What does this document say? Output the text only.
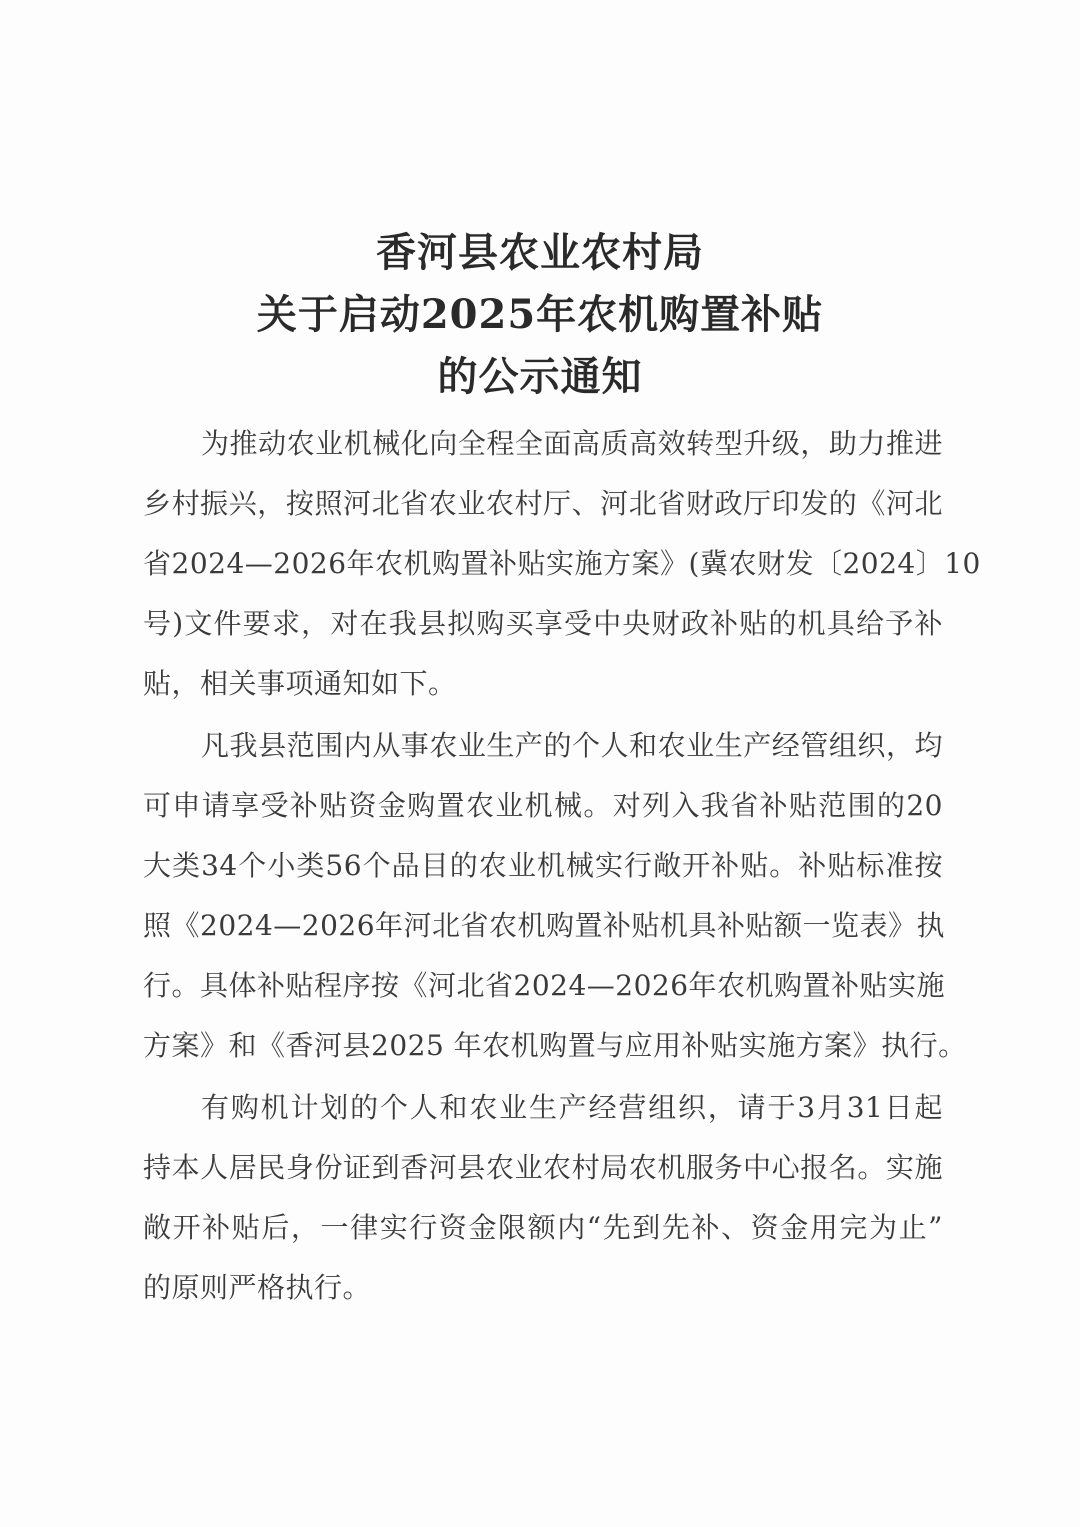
香河县农业农村局
关于启动2025年农机购置补贴
的公示通知
为推动农业机械化向全程全面高质高效转型升级，助力推进
乡村振兴，按照河北省农业农村厅、河北省财政厅印发的《河北
省2024—2026年农机购置补贴实施方案》(冀农财发〔2024〕10
号)文件要求，对在我县拟购买享受中央财政补贴的机具给予补
贴，相关事项通知如下。
凡我县范围内从事农业生产的个人和农业生产经管组织，均
可申请享受补贴资金购置农业机械。对列入我省补贴范围的20
大类34个小类56个品目的农业机械实行敞开补贴。补贴标准按
照《2024—2026年河北省农机购置补贴机具补贴额一览表》执
行。具体补贴程序按《河北省2024—2026年农机购置补贴实施
方案》和《香河县2025 年农机购置与应用补贴实施方案》执行。
有购机计划的个人和农业生产经营组织，请于3月31日起
持本人居民身份证到香河县农业农村局农机服务中心报名。实施
敞开补贴后，一律实行资金限额内“先到先补、资金用完为止”
的原则严格执行。
